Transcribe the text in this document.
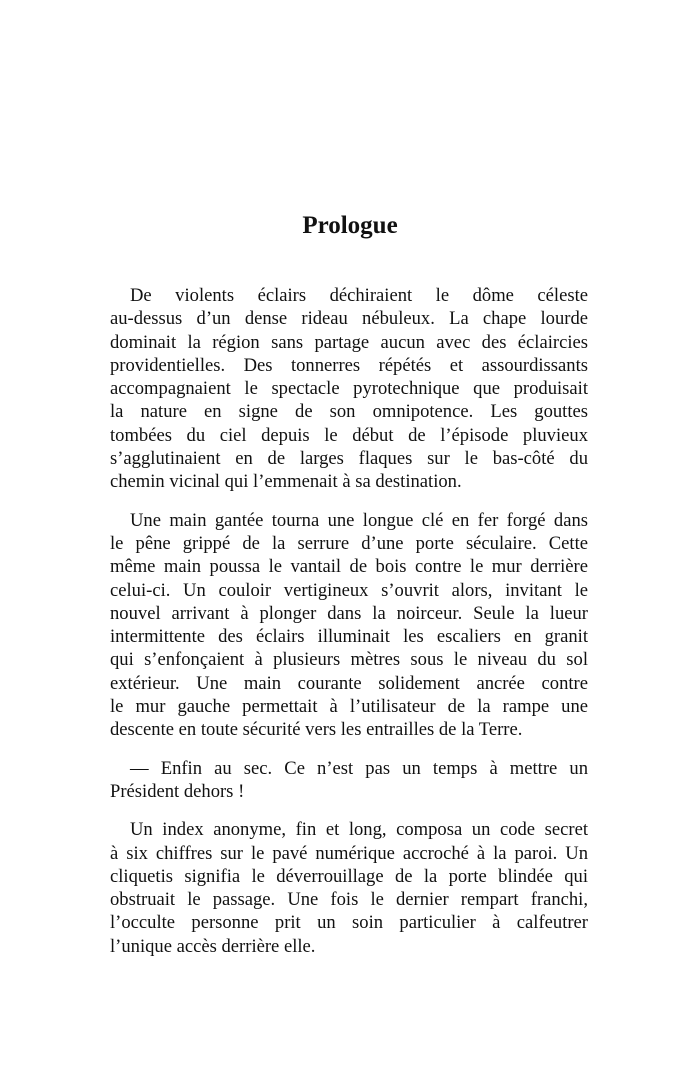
Prologue
De violents éclairs déchiraient le dôme céleste
au-dessus d’un dense rideau nébuleux. La chape lourde
dominait la région sans partage aucun avec des éclaircies
providentielles. Des tonnerres répétés et assourdissants
accompagnaient le spectacle pyrotechnique que produisait
la nature en signe de son omnipotence. Les gouttes
tombées du ciel depuis le début de l’épisode pluvieux
s’agglutinaient en de larges flaques sur le bas-côté du
chemin vicinal qui l’emmenait à sa destination.
Une main gantée tourna une longue clé en fer forgé dans
le pêne grippé de la serrure d’une porte séculaire. Cette
même main poussa le vantail de bois contre le mur derrière
celui-ci. Un couloir vertigineux s’ouvrit alors, invitant le
nouvel arrivant à plonger dans la noirceur. Seule la lueur
intermittente des éclairs illuminait les escaliers en granit
qui s’enfonçaient à plusieurs mètres sous le niveau du sol
extérieur. Une main courante solidement ancrée contre
le mur gauche permettait à l’utilisateur de la rampe une
descente en toute sécurité vers les entrailles de la Terre.
— Enfin au sec. Ce n’est pas un temps à mettre un
Président dehors !
Un index anonyme, fin et long, composa un code secret
à six chiffres sur le pavé numérique accroché à la paroi. Un
cliquetis signifia le déverrouillage de la porte blindée qui
obstruait le passage. Une fois le dernier rempart franchi,
l’occulte personne prit un soin particulier à calfeutrer
l’unique accès derrière elle.
